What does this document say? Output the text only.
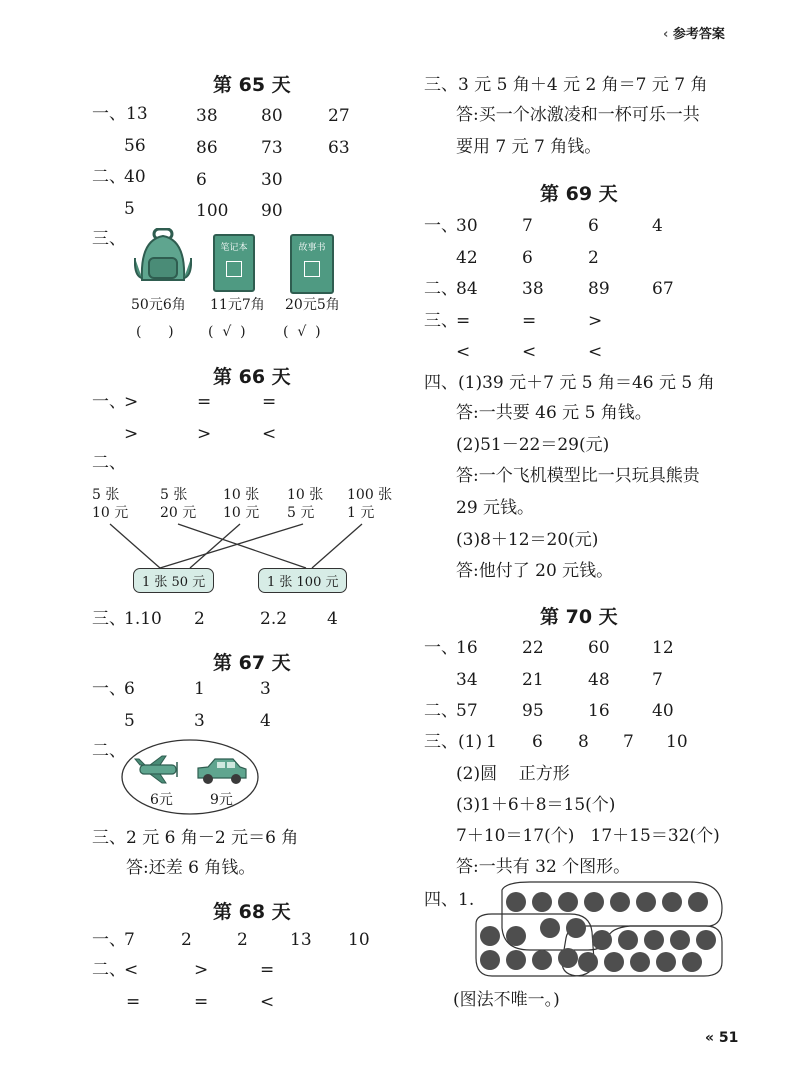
‹ 参考答案
第 65 天
一、 13	38	80	27
56	86	73	63
二、
40	6	30
5	100 90
三、	笔记本	故事书
50元6角 11元7角 20元5角
(      ) (  √  )	(  √  )
第 66 天
一、
>	=	=
>	>	<
二、
5 张
10 元
5 张
20 元
10 张
10 元
10 张
5 元
100 张
1 元
1 张 50 元	1 张 100 元
三、
1.10 2	2.2 4
第 67 天
一、
6	1	3
5	3	4
二、
6元	9元
三、2 元 6 角－2 元＝6 角
答:还差 6 角钱。
第 68 天
一、
7	2	2 13 10
二、
<	>	=
=	=	<
三、3 元 5 角＋4 元 2 角＝7 元 7 角
答:买一个冰激凌和一杯可乐一共
要用 7 元 7 角钱。
第 69 天
一、
30	7	6	4
42	6	2
二、
84	38	89 67
三、
=	=	>
<	<	<
四、(1)39 元＋7 元 5 角＝46 元 5 角
答:一共要 46 元 5 角钱。
(2)51－22＝29(元)
答:一个飞机模型比一只玩具熊贵
29 元钱。
(3)8＋12＝20(元)
答:他付了 20 元钱。
第 70 天
一、
16	22	60 12
34	21	48 7
二、
57	95	16 40
三、(1) 1 6 8 7 10
(2)圆    正方形
(3)1＋6＋8＝15(个)
7＋10＝17(个)   17＋15＝32(个)
答:一共有 32 个图形。
四、1.
(图法不唯一。)
« 51
